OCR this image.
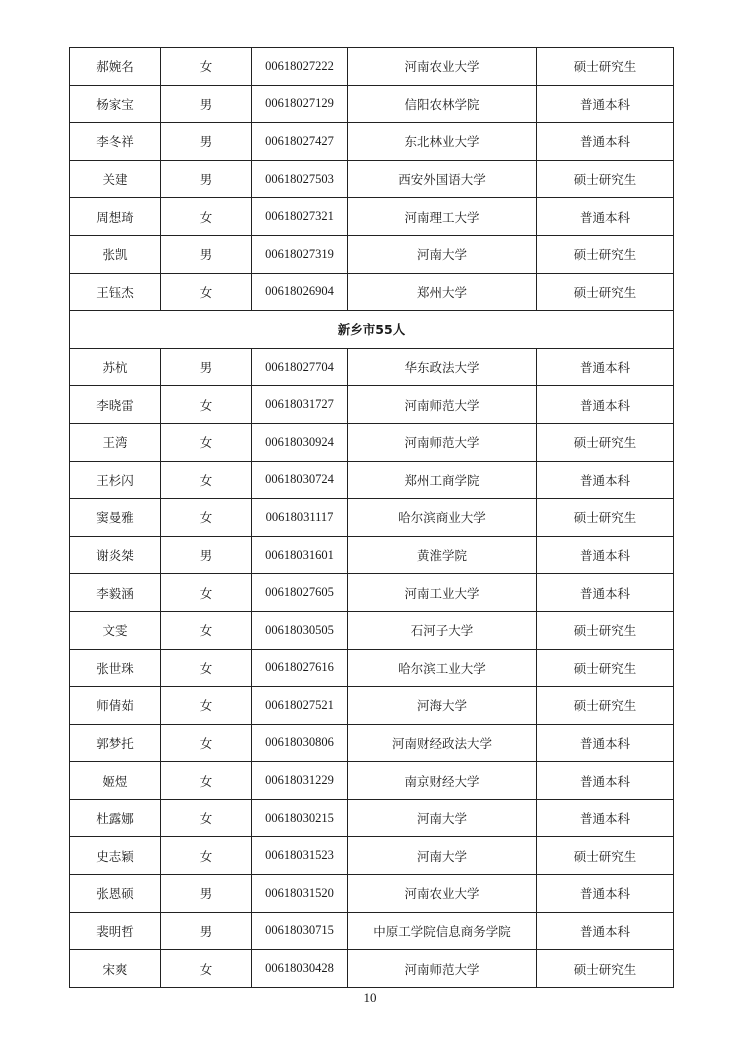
郝婉名	女	00618027222	河南农业大学	硕士研究生
杨家宝	男	00618027129	信阳农林学院	普通本科
李冬祥	男	00618027427	东北林业大学	普通本科
关建	男	00618027503	西安外国语大学	硕士研究生
周想琦	女	00618027321	河南理工大学	普通本科
张凯	男	00618027319	河南大学	硕士研究生
王钰杰	女	00618026904	郑州大学	硕士研究生
新乡市55人				
苏杭	男	00618027704	华东政法大学	普通本科
李晓雷	女	00618031727	河南师范大学	普通本科
王湾	女	00618030924	河南师范大学	硕士研究生
王杉闪	女	00618030724	郑州工商学院	普通本科
窦曼雅	女	00618031117	哈尔滨商业大学	硕士研究生
谢炎桀	男	00618031601	黄淮学院	普通本科
李毅涵	女	00618027605	河南工业大学	普通本科
文雯	女	00618030505	石河子大学	硕士研究生
张世珠	女	00618027616	哈尔滨工业大学	硕士研究生
师倩茹	女	00618027521	河海大学	硕士研究生
郭梦托	女	00618030806	河南财经政法大学	普通本科
姬煜	女	00618031229	南京财经大学	普通本科
杜露娜	女	00618030215	河南大学	普通本科
史志颖	女	00618031523	河南大学	硕士研究生
张恩硕	男	00618031520	河南农业大学	普通本科
裴明哲	男	00618030715	中原工学院信息商务学院	普通本科
宋爽	女	00618030428	河南师范大学	硕士研究生
10
